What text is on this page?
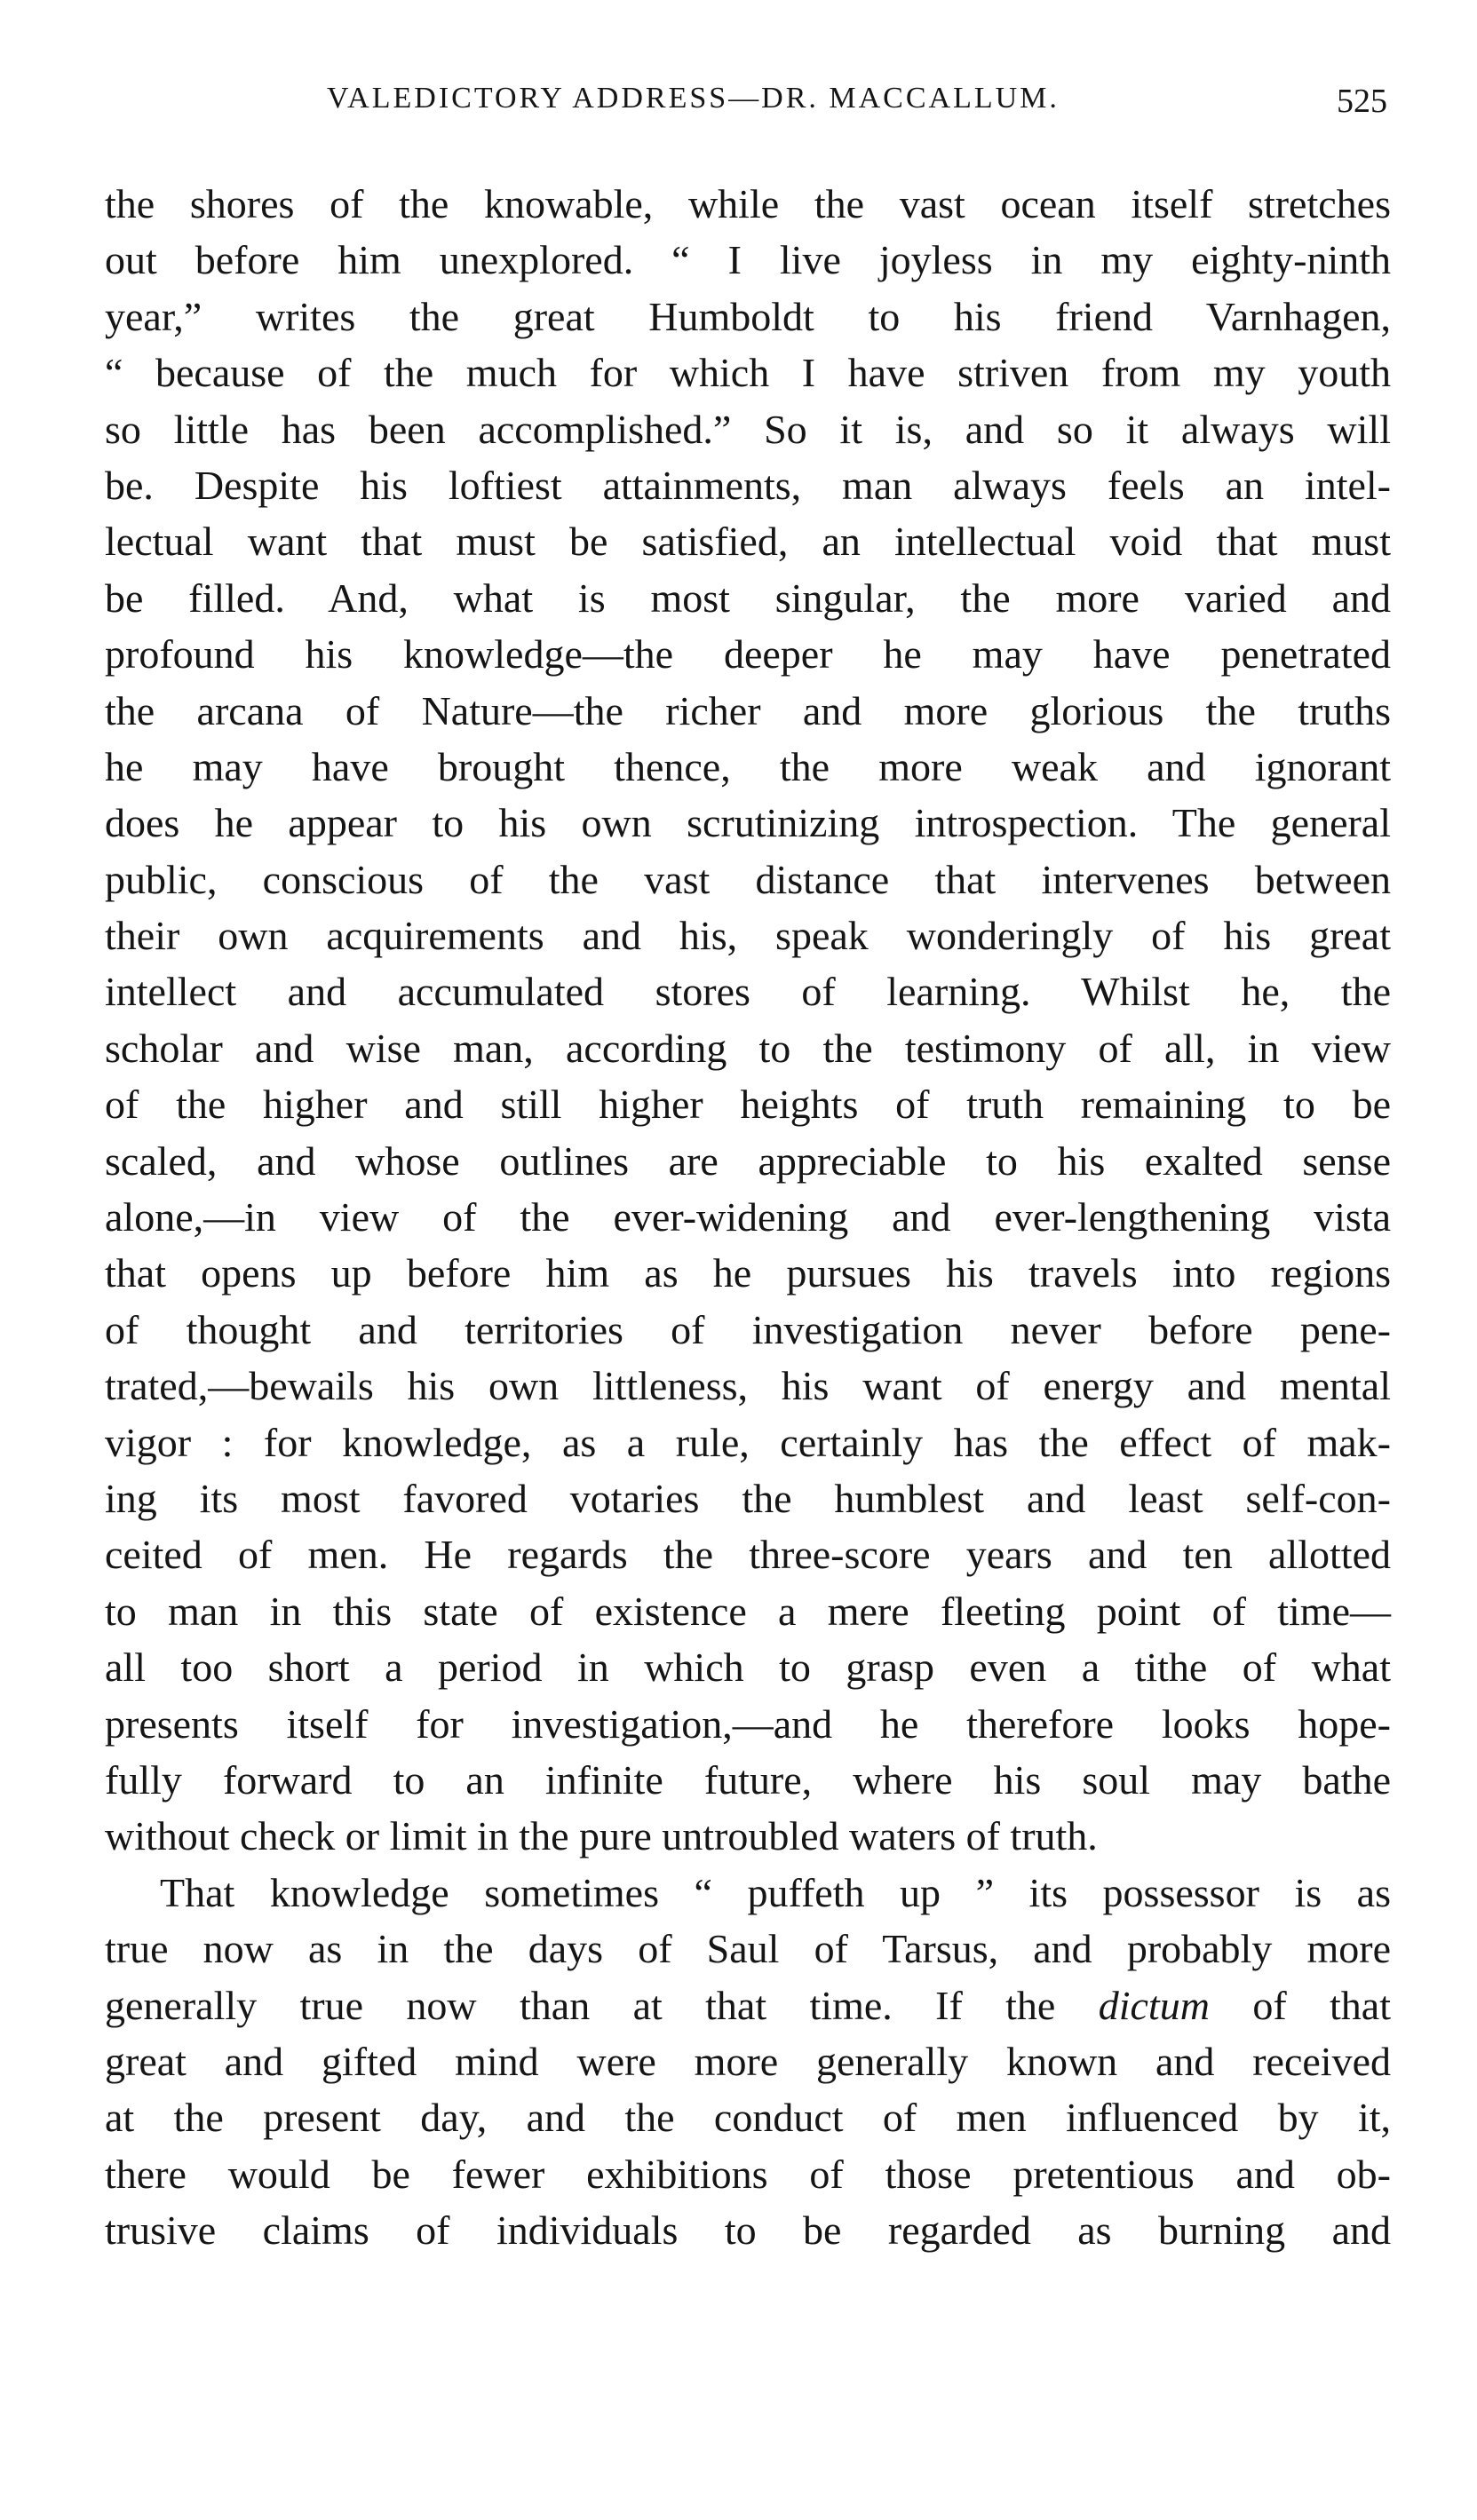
VALEDICTORY ADDRESS—DR. MACCALLUM.	525
the shores of the knowable, while the vast ocean itself stretches
out before him unexplored. “ I live joyless in my eighty-ninth
year,” writes the great Humboldt to his friend Varnhagen,
“ because of the much for which I have striven from my youth
so little has been accomplished.” So it is, and so it always will
be. Despite his loftiest attainments, man always feels an intel-
lectual want that must be satisfied, an intellectual void that must
be filled. And, what is most singular, the more varied and
profound his knowledge—the deeper he may have penetrated
the arcana of Nature—the richer and more glorious the truths
he may have brought thence, the more weak and ignorant
does he appear to his own scrutinizing introspection. The general
public, conscious of the vast distance that intervenes between
their own acquirements and his, speak wonderingly of his great
intellect and accumulated stores of learning. Whilst he, the
scholar and wise man, according to the testimony of all, in view
of the higher and still higher heights of truth remaining to be
scaled, and whose outlines are appreciable to his exalted sense
alone,—in view of the ever-widening and ever-lengthening vista
that opens up before him as he pursues his travels into regions
of thought and territories of investigation never before pene-
trated,—bewails his own littleness, his want of energy and mental
vigor : for knowledge, as a rule, certainly has the effect of mak-
ing its most favored votaries the humblest and least self-con-
ceited of men. He regards the three-score years and ten allotted
to man in this state of existence a mere fleeting point of time—
all too short a period in which to grasp even a tithe of what
presents itself for investigation,—and he therefore looks hope-
fully forward to an infinite future, where his soul may bathe
without check or limit in the pure untroubled waters of truth.
That knowledge sometimes “ puffeth up ” its possessor is as
true now as in the days of Saul of Tarsus, and probably more
generally true now than at that time. If the dictum of that
great and gifted mind were more generally known and received
at the present day, and the conduct of men influenced by it,
there would be fewer exhibitions of those pretentious and ob-
trusive claims of individuals to be regarded as burning and
